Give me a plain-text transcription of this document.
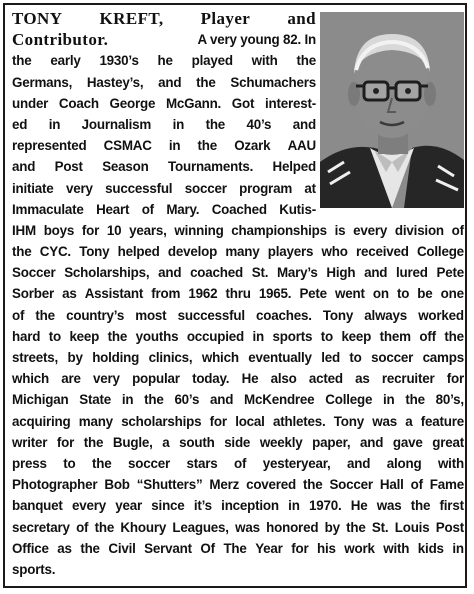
TONY KREFT, Player and
Contributor.	A very young 82. In
the early 1930’s he played with the
Germans, Hastey’s, and the Schumachers
under Coach George McGann. Got interest-
ed in Journalism in the 40’s and
represented CSMAC in the Ozark AAU
and Post Season Tournaments. Helped
initiate very successful soccer program at
Immaculate Heart of Mary. Coached Kutis-
IHM boys for 10 years, winning championships is every division of
the CYC. Tony helped develop many players who received College
Soccer Scholarships, and coached St. Mary’s High and lured Pete
Sorber as Assistant from 1962 thru 1965. Pete went on to be one
of the country’s most successful coaches. Tony always worked
hard to keep the youths occupied in sports to keep them off the
streets, by holding clinics, which eventually led to soccer camps
which are very popular today. He also acted as recruiter for
Michigan State in the 60’s and McKendree College in the 80’s,
acquiring many scholarships for local athletes. Tony was a feature
writer for the Bugle, a south side weekly paper, and gave great
press to the soccer stars of yesteryear, and along with
Photographer Bob “Shutters” Merz covered the Soccer Hall of Fame
banquet every year since it’s inception in 1970. He was the first
secretary of the Khoury Leagues, was honored by the St. Louis Post
Office as the Civil Servant Of The Year for his work with kids in
sports.
